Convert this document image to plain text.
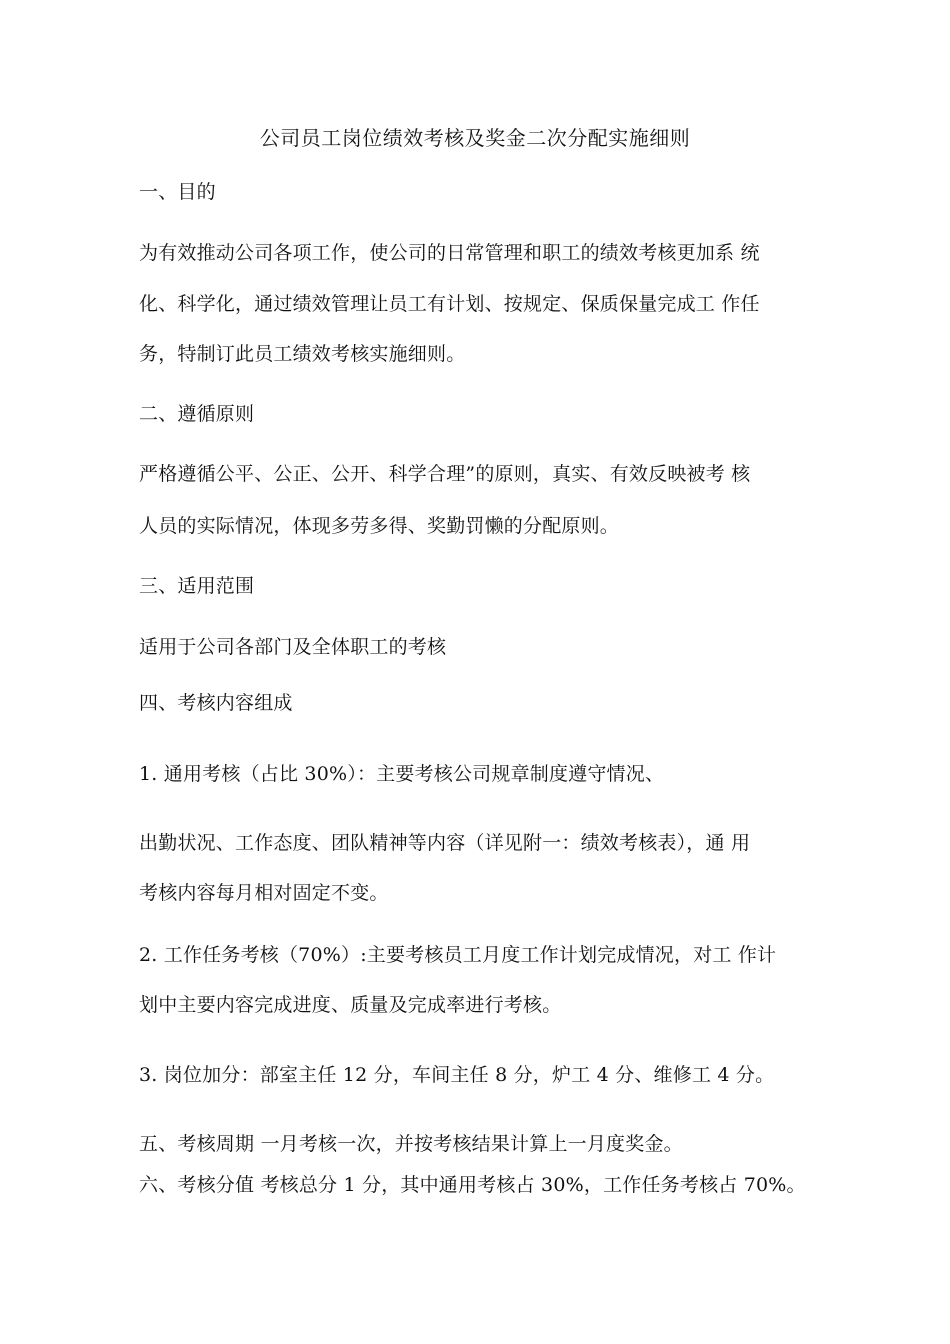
公司员工岗位绩效考核及奖金二次分配实施细则
一、目的
为有效推动公司各项工作，使公司的日常管理和职工的绩效考核更加系 统
化、科学化，通过绩效管理让员工有计划、按规定、保质保量完成工 作任
务，特制订此员工绩效考核实施细则。
二、遵循原则
严格遵循公平、公正、公开、科学合理”的原则，真实、有效反映被考 核
人员的实际情况，体现多劳多得、奖勤罚懒的分配原则。
三、适用范围
适用于公司各部门及全体职工的考核
四、考核内容组成
1. 通用考核（占比 30%）：主要考核公司规章制度遵守情况、
出勤状况、工作态度、团队精神等内容（详见附一：绩效考核表），通 用
考核内容每月相对固定不变。
2. 工作任务考核（70%）:主要考核员工月度工作计划完成情况，对工 作计
划中主要内容完成进度、质量及完成率进行考核。
3. 岗位加分：部室主任 12 分，车间主任 8 分，炉工 4 分、维修工 4 分。
五、考核周期 一月考核一次，并按考核结果计算上一月度奖金。
六、考核分值 考核总分 1 分，其中通用考核占 30%，工作任务考核占 70%。
